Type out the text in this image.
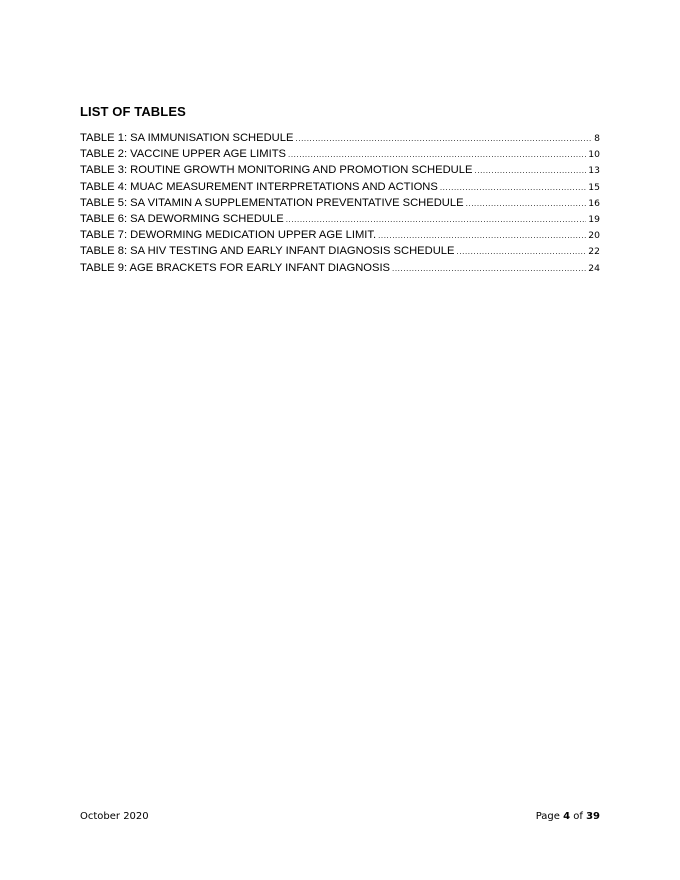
LIST OF TABLES
TABLE 1: SA IMMUNISATION SCHEDULE .....	8
TABLE 2: VACCINE UPPER AGE LIMITS .....	10
TABLE 3: ROUTINE GROWTH MONITORING AND PROMOTION SCHEDULE .....	13
TABLE 4: MUAC MEASUREMENT INTERPRETATIONS AND ACTIONS .....	15
TABLE 5: SA VITAMIN A SUPPLEMENTATION PREVENTATIVE SCHEDULE .....	16
TABLE 6: SA DEWORMING SCHEDULE .....	19
TABLE 7: DEWORMING MEDICATION UPPER AGE LIMIT. .....	20
TABLE 8: SA HIV TESTING AND EARLY INFANT DIAGNOSIS SCHEDULE .....	22
TABLE 9: AGE BRACKETS FOR EARLY INFANT DIAGNOSIS .....	24
October 2020	Page 4 of 39
